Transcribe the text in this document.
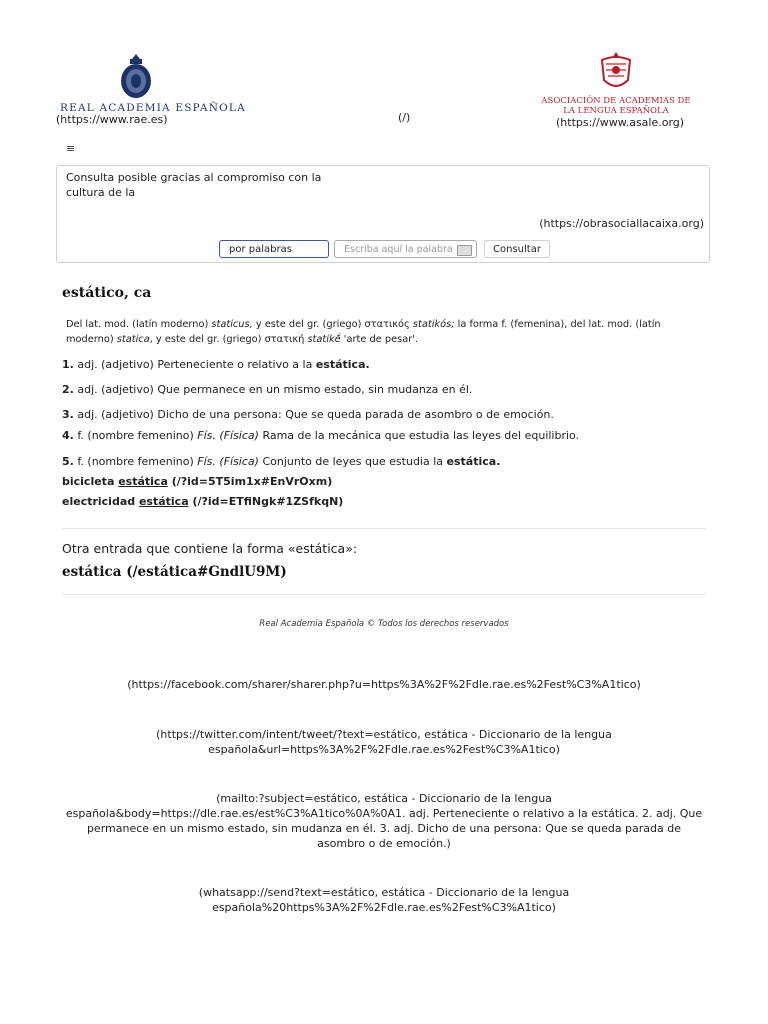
REAL ACADEMIA ESPAÑOLA
(https://www.rae.es)	(/)
ASOCIACIÓN DE ACADEMIAS DE LA LENGUA ESPAÑOLA
(https://www.asale.org)
≡
Consulta posible gracias al compromiso con la cultura de la
(https://obrasociallacaixa.org)
por palabras	Escriba aquí la palabra	Consultar
estático, ca
Del lat. mod. (latín moderno) staticus, y este del gr. (griego) στατικός statikós; la forma f. (femenina), del lat. mod. (latín moderno) statica, y este del gr. (griego) στατική statikḗ 'arte de pesar'.
1. adj. (adjetivo) Perteneciente o relativo a la estática.
2. adj. (adjetivo) Que permanece en un mismo estado, sin mudanza en él.
3. adj. (adjetivo) Dicho de una persona: Que se queda parada de asombro o de emoción.
4. f. (nombre femenino) Fís. (Física) Rama de la mecánica que estudia las leyes del equilibrio.
5. f. (nombre femenino) Fís. (Física) Conjunto de leyes que estudia la estática.
bicicleta estática (/?id=5T5im1x#EnVrOxm)
electricidad estática (/?id=ETfiNgk#1ZSfkqN)
Otra entrada que contiene la forma «estática»:
estática (/estática#GndlU9M)
Real Academia Española © Todos los derechos reservados
(https://facebook.com/sharer/sharer.php?u=https%3A%2F%2Fdle.rae.es%2Fest%C3%A1tico)
(https://twitter.com/intent/tweet/?text=estático, estática - Diccionario de la lengua española&url=https%3A%2F%2Fdle.rae.es%2Fest%C3%A1tico)
(mailto:?subject=estático, estática - Diccionario de la lengua española&body=https://dle.rae.es/est%C3%A1tico%0A%0A1. adj. Perteneciente o relativo a la estática. 2. adj. Que permanece en un mismo estado, sin mudanza en él. 3. adj. Dicho de una persona: Que se queda parada de asombro o de emoción.)
(whatsapp://send?text=estático, estática - Diccionario de la lengua española%20https%3A%2F%2Fdle.rae.es%2Fest%C3%A1tico)
